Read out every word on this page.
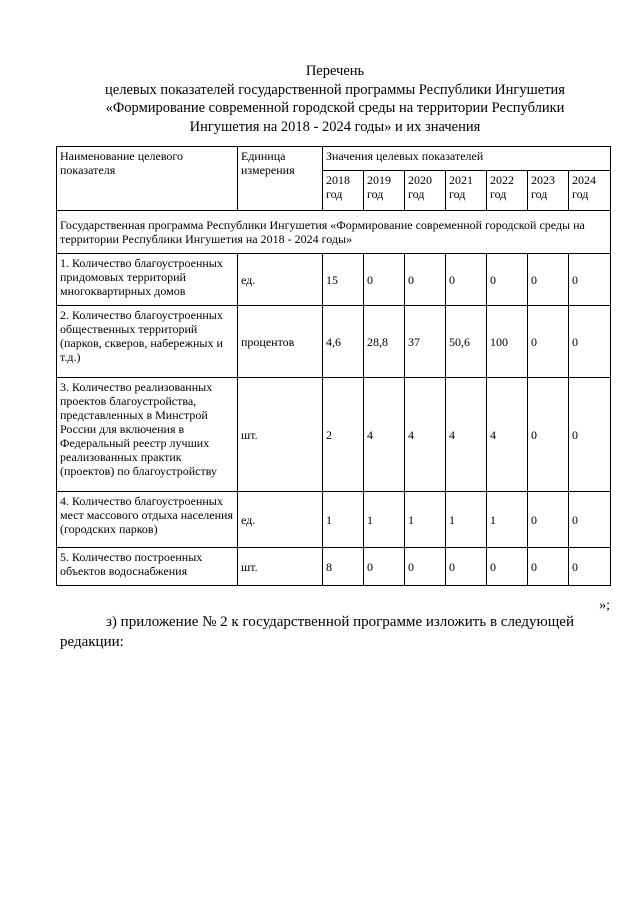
Перечень
целевых показателей государственной программы Республики Ингушетия
«Формирование современной городской среды на территории Республики
Ингушетия на 2018 - 2024 годы» и их значения
Наименование целевого показателя	Единица измерения	Значения целевых показателей						
		2018 год	2019 год	2020 год	2021 год	2022 год	2023 год	2024 год
Государственная программа Республики Ингушетия «Формирование современной городской среды на территории Республики Ингушетия на 2018 - 2024 годы»								
1. Количество благоустроенных придомовых территорий многоквартирных домов	ед.	15	0	0	0	0	0	0
2. Количество благоустроенных общественных территорий (парков, скверов, набережных и т.д.)	процентов	4,6	28,8	37	50,6	100	0	0
3. Количество реализованных проектов благоустройства, представленных в Минстрой России для включения в Федеральный реестр лучших реализованных практик (проектов) по благоустройству	шт.	2	4	4	4	4	0	0
4. Количество благоустроенных мест массового отдыха населения (городских парков)	ед.	1	1	1	1	1	0	0
5. Количество построенных объектов водоснабжения	шт.	8	0	0	0	0	0	0
»;
з) приложение № 2 к государственной программе изложить в следующей
редакции:
